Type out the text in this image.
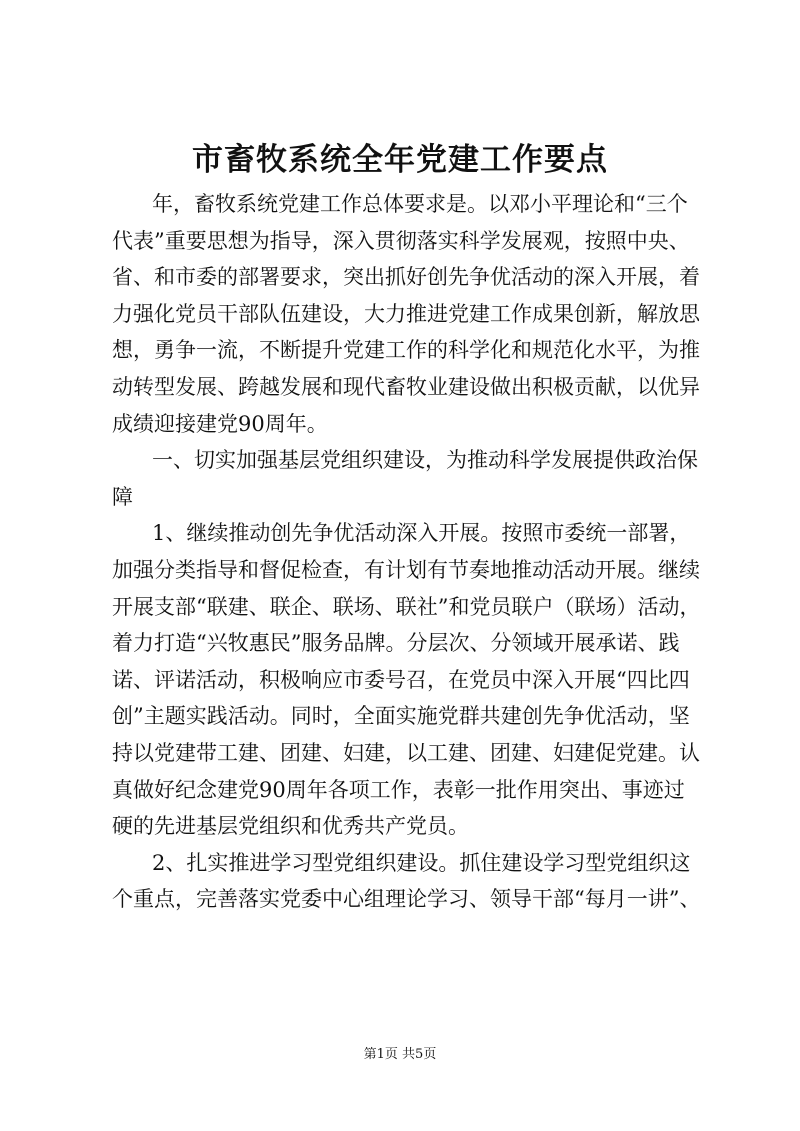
市畜牧系统全年党建工作要点
年，畜牧系统党建工作总体要求是。以邓小平理论和“三个
代表”重要思想为指导，深入贯彻落实科学发展观，按照中央、
省、和市委的部署要求，突出抓好创先争优活动的深入开展，着
力强化党员干部队伍建设，大力推进党建工作成果创新，解放思
想，勇争一流，不断提升党建工作的科学化和规范化水平，为推
动转型发展、跨越发展和现代畜牧业建设做出积极贡献，以优异
成绩迎接建党90周年。
一、切实加强基层党组织建设，为推动科学发展提供政治保
障
1、继续推动创先争优活动深入开展。按照市委统一部署，
加强分类指导和督促检查，有计划有节奏地推动活动开展。继续
开展支部“联建、联企、联场、联社”和党员联户（联场）活动，
着力打造“兴牧惠民”服务品牌。分层次、分领域开展承诺、践
诺、评诺活动，积极响应市委号召，在党员中深入开展“四比四
创”主题实践活动。同时，全面实施党群共建创先争优活动，坚
持以党建带工建、团建、妇建，以工建、团建、妇建促党建。认
真做好纪念建党90周年各项工作，表彰一批作用突出、事迹过
硬的先进基层党组织和优秀共产党员。
2、扎实推进学习型党组织建设。抓住建设学习型党组织这
个重点，完善落实党委中心组理论学习、领导干部“每月一讲”、
第1页 共5页
